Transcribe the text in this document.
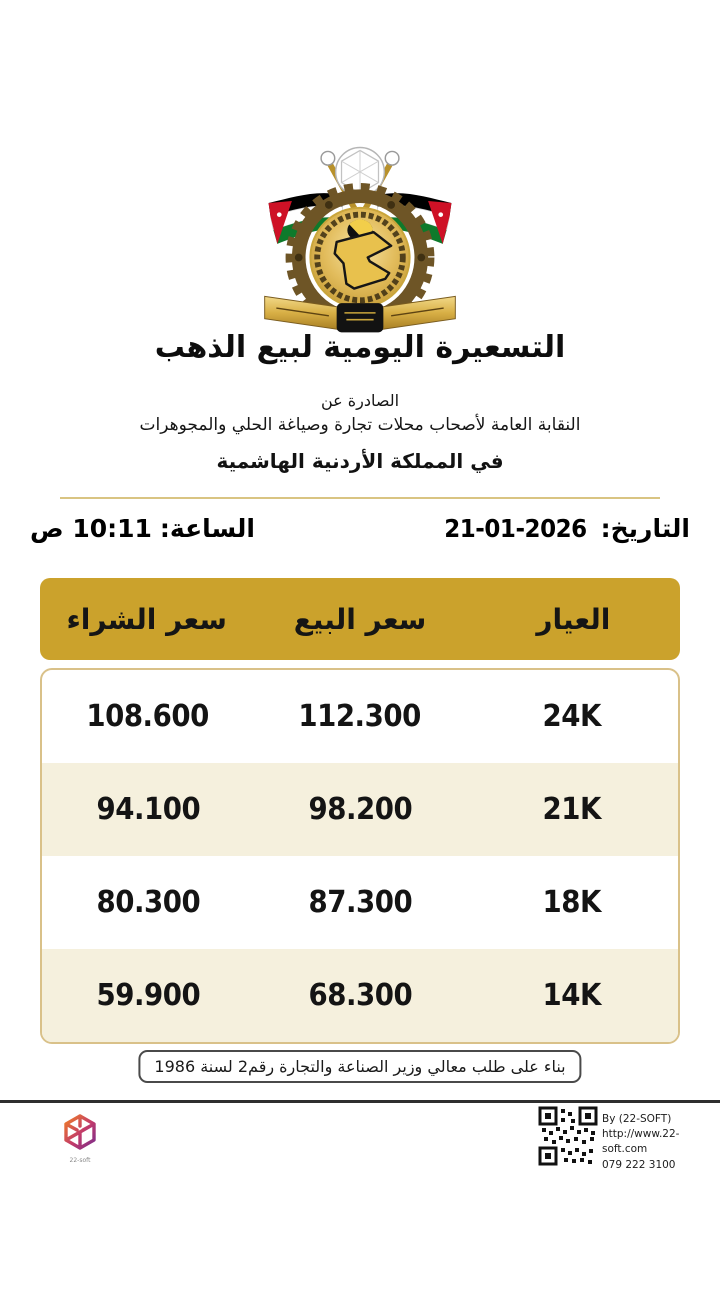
التسعيرة اليومية لبيع الذهب
الصادرة عن
النقابة العامة لأصحاب محلات تجارة وصياغة الحلي والمجوهرات
في المملكة الأردنية الهاشمية
التاريخ:
21-01-2026
الساعة:
10:11 ص
العيار
سعر البيع
سعر الشراء
24K
112.300
108.600
21K
98.200
94.100
18K
87.300
80.300
14K
68.300
59.900
بناء على طلب معالي وزير الصناعة والتجارة رقم2 لسنة 1986
22-soft
By (22-SOFT)
http://www.22-soft.com
079 222 3100
